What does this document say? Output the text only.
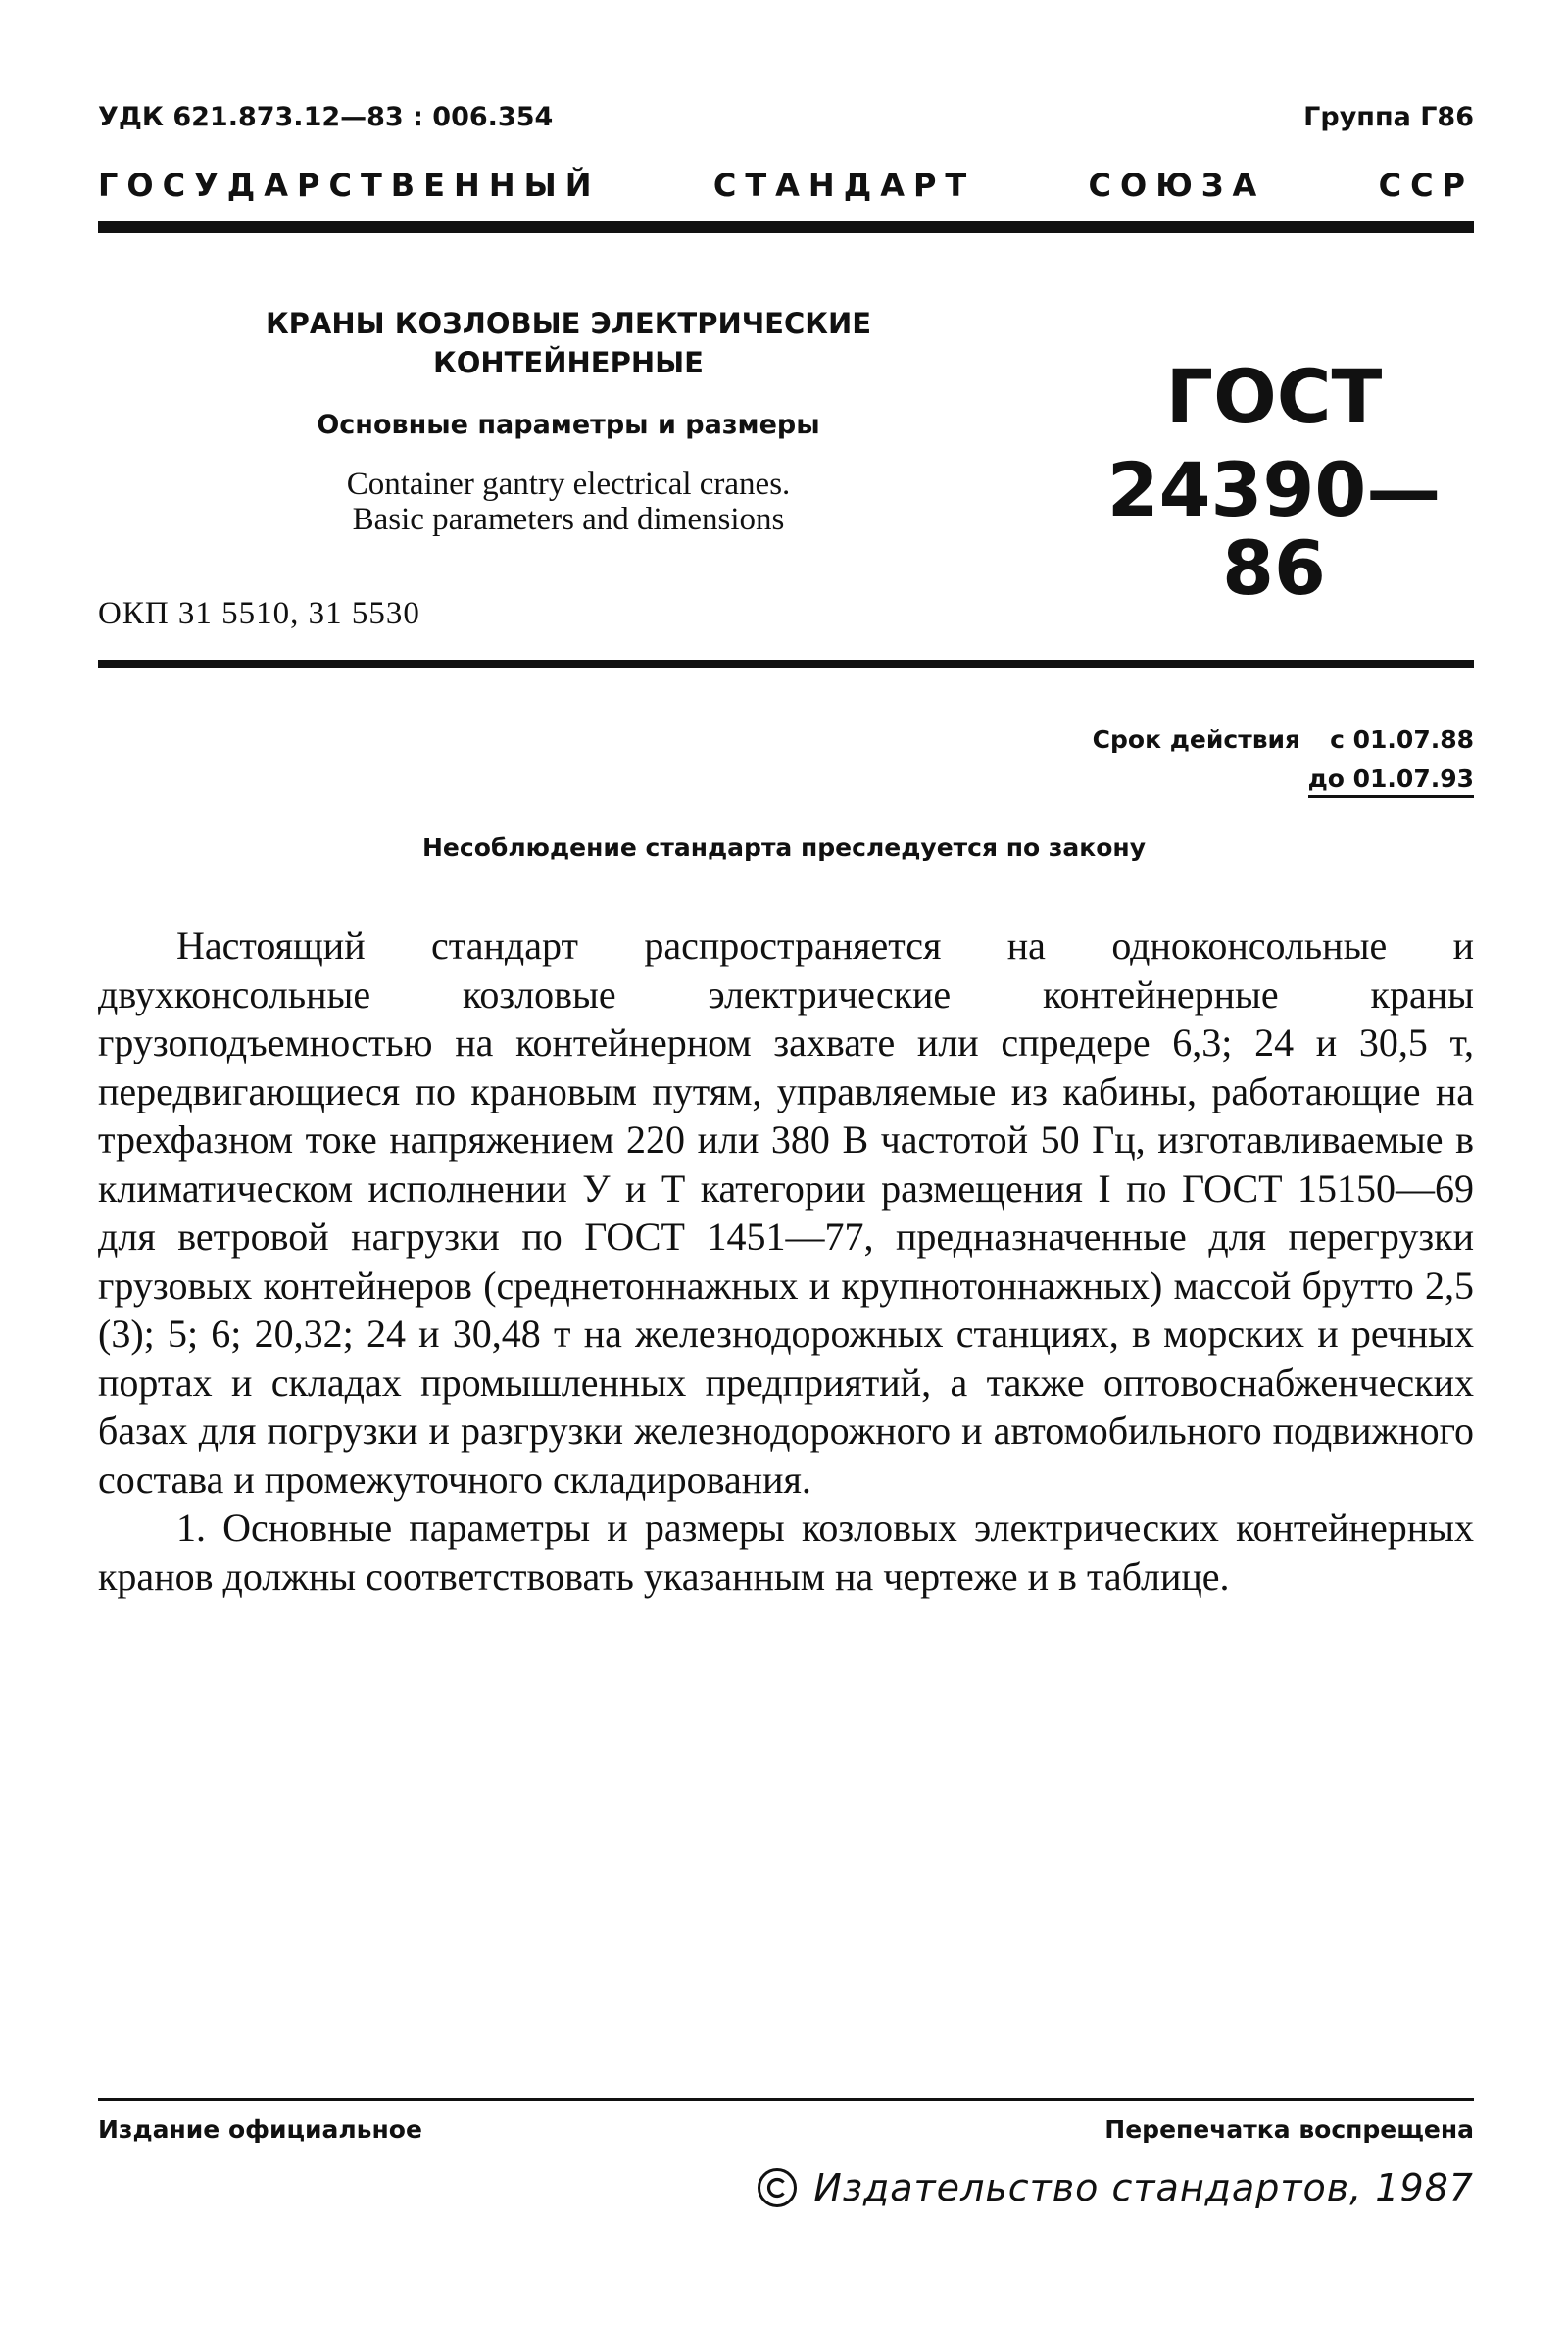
УДК 621.873.12—83 : 006.354	Группа Г86
ГОСУДАРСТВЕННЫЙ СТАНДАРТ СОЮЗА ССР
КРАНЫ КОЗЛОВЫЕ ЭЛЕКТРИЧЕСКИЕ
КОНТЕЙНЕРНЫЕ
Основные параметры и размеры
Container gantry electrical cranes.
Basic parameters and dimensions
ГОСТ
24390—86
ОКП 31 5510, 31 5530
Срок действия с 01.07.88
до 01.07.93
Несоблюдение стандарта преследуется по закону

Настоящий стандарт распространяется на одноконсольные и двухконсольные козловые электрические контейнерные краны грузоподъемностью на контейнерном захвате или спредере 6,3; 24 и 30,5 т, передвигающиеся по крановым путям, управляемые из кабины, работающие на трехфазном токе напряжением 220 или 380 В частотой 50 Гц, изготавливаемые в климатическом исполнении У и Т категории размещения I по ГОСТ 15150—69 для ветровой нагрузки по ГОСТ 1451—77, предназначенные для перегрузки грузовых контейнеров (среднетоннажных и крупнотоннажных) массой брутто 2,5 (3); 5; 6; 20,32; 24 и 30,48 т на железнодорожных станциях, в морских и речных портах и складах промышленных предприятий, а также оптовоснабженческих базах для погрузки и разгрузки железнодорожного и автомобильного подвижного состава и промежуточного складирования.

1. Основные параметры и размеры козловых электрических контейнерных кранов должны соответствовать указанным на чертеже и в таблице.

Издание официальное	Перепечатка воспрещена
Издательство стандартов, 1987
